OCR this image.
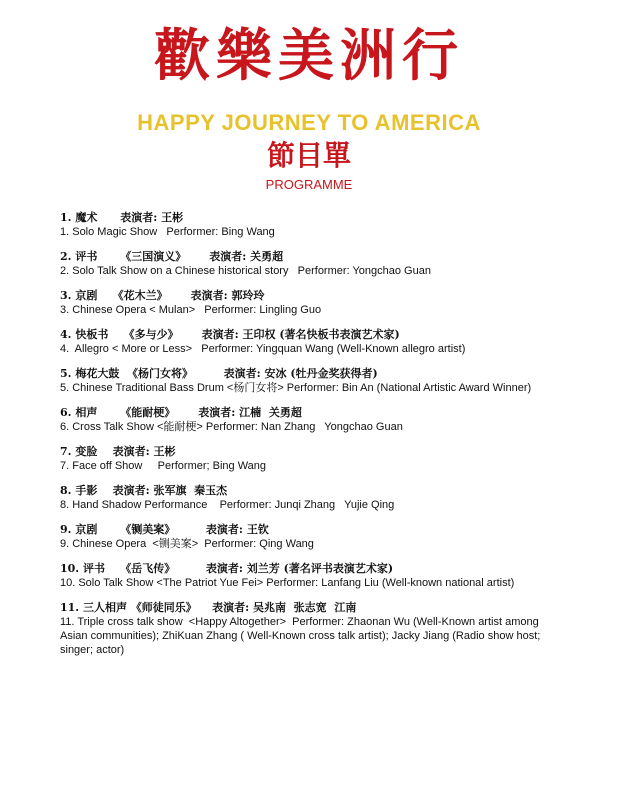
歡樂美洲行
HAPPY JOURNEY TO AMERICA
節目單
PROGRAMME
1. 魔术      表演者: 王彬
1. Solo Magic Show   Performer: Bing Wang
2. 评书      《三国演义》      表演者: 关勇超
2. Solo Talk Show on a Chinese historical story   Performer: Yongchao Guan
3. 京剧    《花木兰》      表演者: 郭玲玲
3. Chinese Opera < Mulan>   Performer: Lingling Guo
4. 快板书    《多与少》      表演者: 王印权 (著名快板书表演艺术家)
4.  Allegro < More or Less>   Performer: Yingquan Wang (Well-Known allegro artist)
5. 梅花大鼓  《杨门女将》        表演者: 安冰 (牡丹金奖获得者)
5. Chinese Traditional Bass Drum <杨门女将> Performer: Bin An (National Artistic Award Winner)
6. 相声      《能耐梗》      表演者: 江楠  关勇超
6. Cross Talk Show <能耐梗> Performer: Nan Zhang   Yongchao Guan
7. 变脸    表演者: 王彬
7. Face off Show     Performer; Bing Wang
8. 手影    表演者: 张军旗  秦玉杰
8. Hand Shadow Performance    Performer: Junqi Zhang   Yujie Qing
9. 京剧      《铡美案》        表演者: 王钦
9. Chinese Opera  <铡美案>  Performer: Qing Wang
10. 评书    《岳飞传》        表演者: 刘兰芳 (著名评书表演艺术家)
10. Solo Talk Show <The Patriot Yue Fei> Performer: Lanfang Liu (Well-known national artist)
11. 三人相声 《师徒同乐》    表演者: 吴兆南  张志宽  江南
11. Triple cross talk show  <Happy Altogether>  Performer: Zhaonan Wu (Well-Known artist among Asian communities); ZhiKuan Zhang ( Well-Known cross talk artist); Jacky Jiang (Radio show host; singer; actor)
